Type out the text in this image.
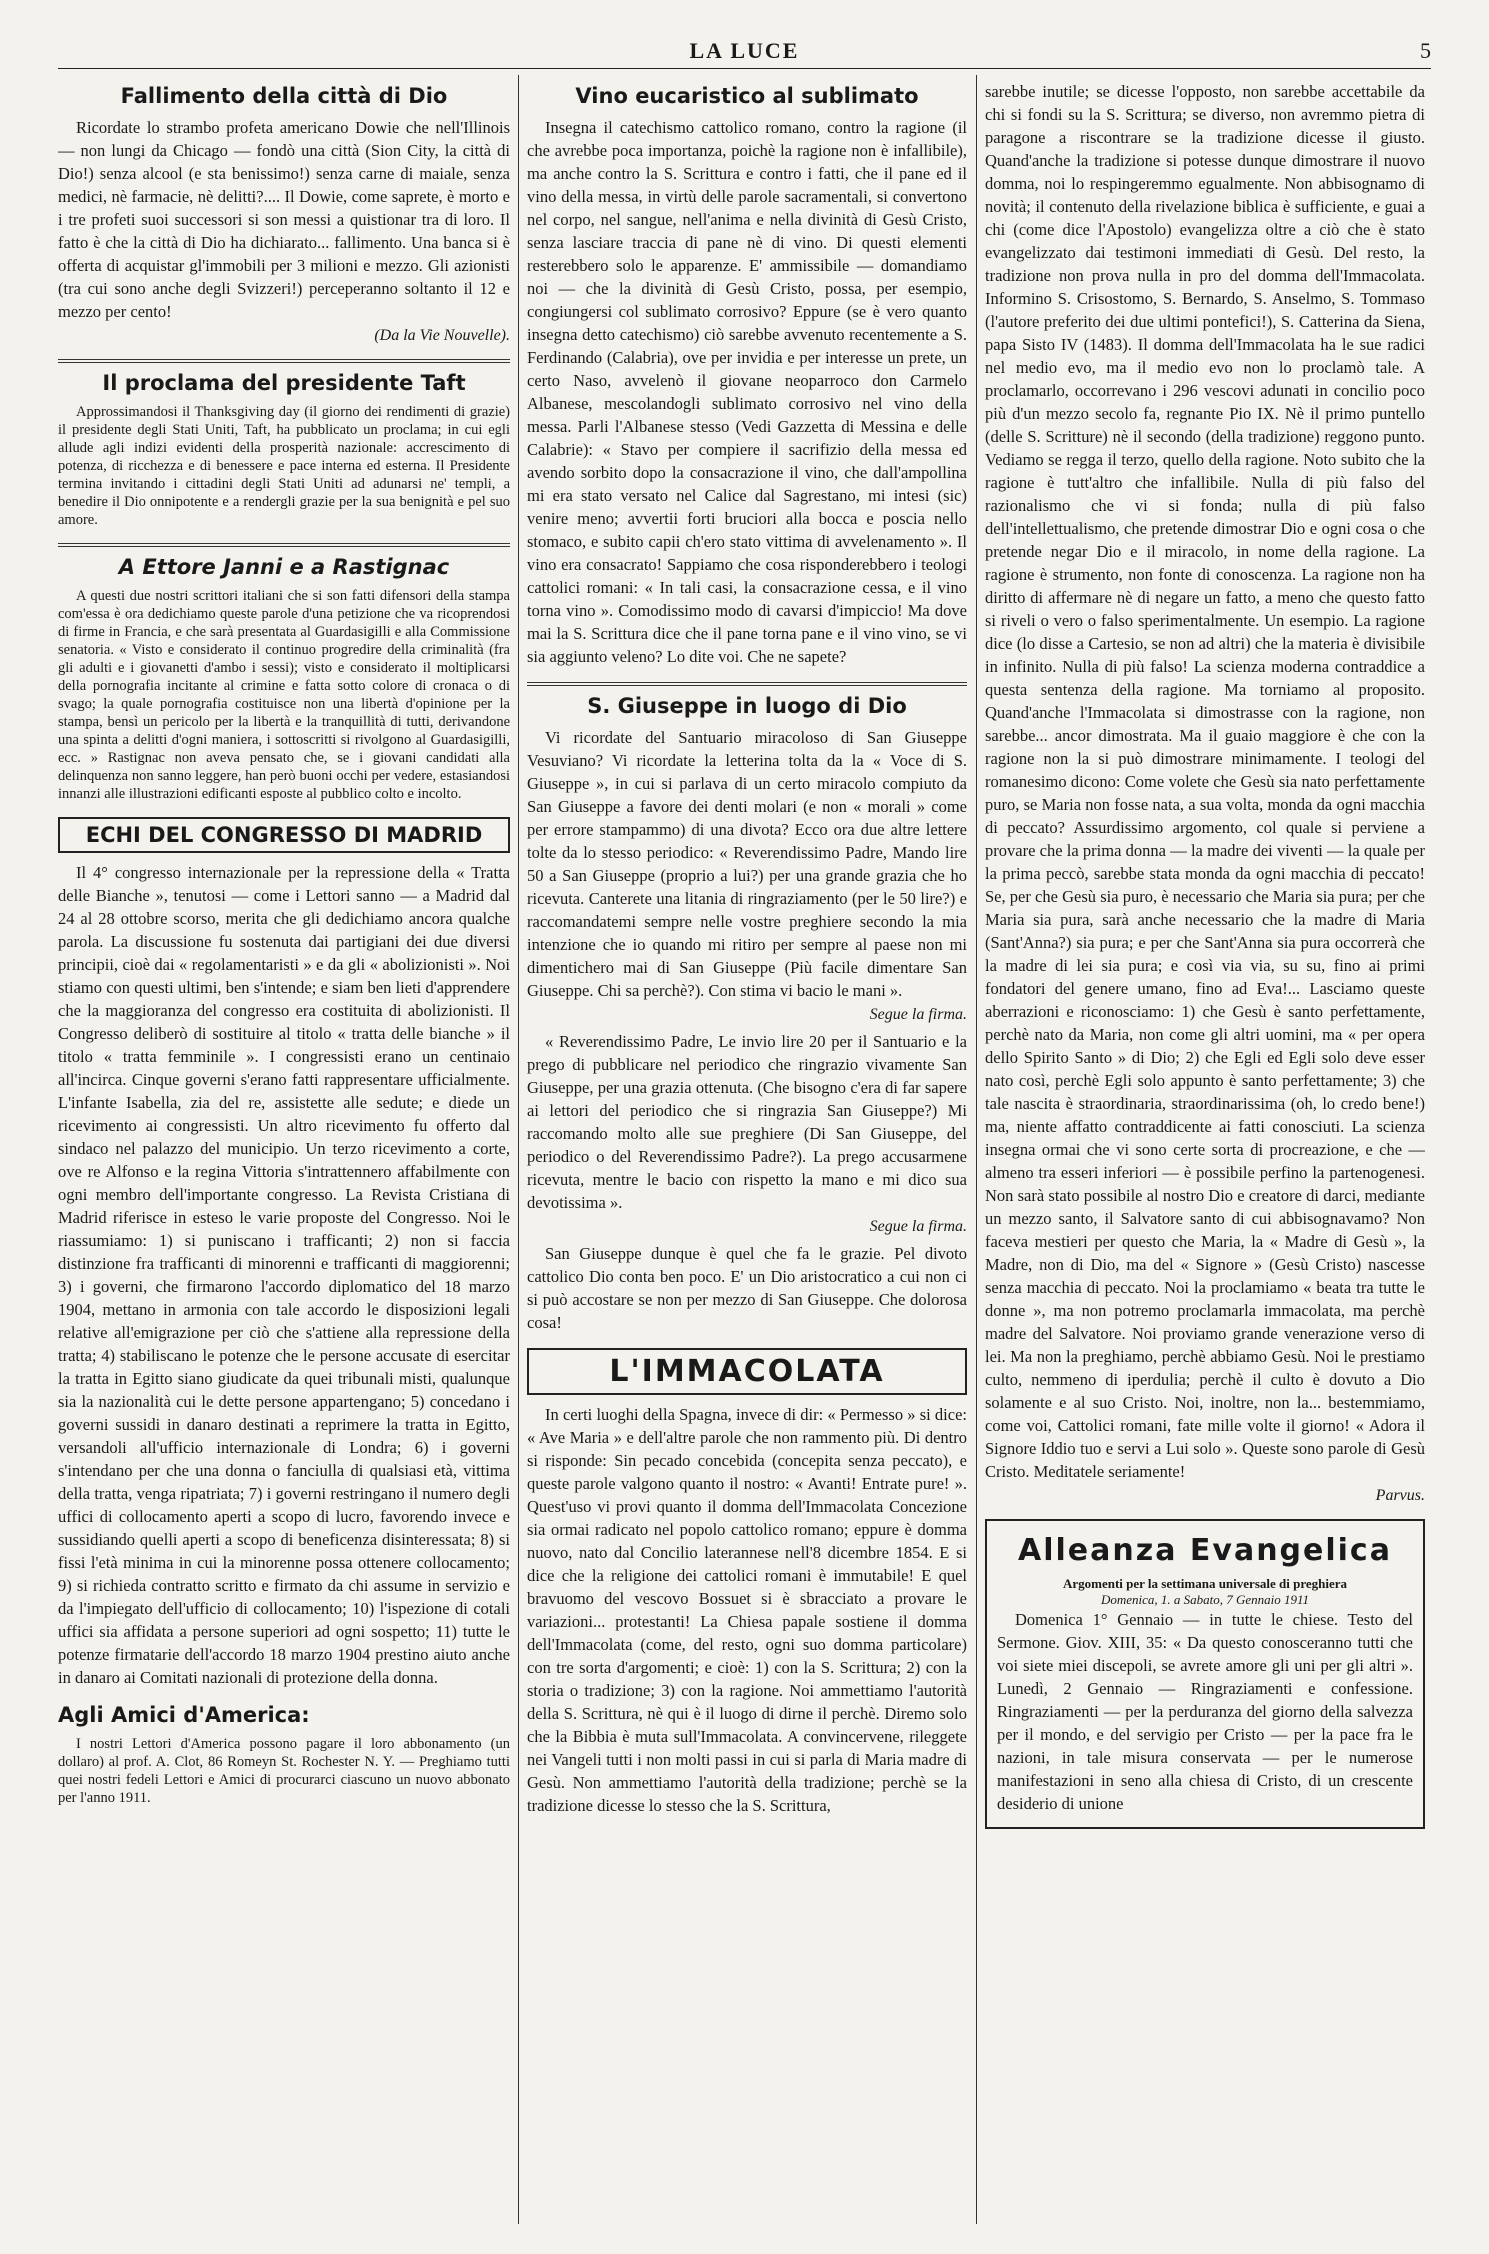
LA LUCE	5
Fallimento della città di Dio

Ricordate lo strambo profeta americano Dowie che nell'Illinois — non lungi da Chicago — fondò una città (Sion City, la città di Dio!) senza alcool (e sta benissimo!) senza carne di maiale, senza medici, nè farmacie, nè delitti?.... Il Dowie, come saprete, è morto e i tre profeti suoi successori si son messi a quistionar tra di loro. Il fatto è che la città di Dio ha dichiarato... fallimento. Una banca si è offerta di acquistar gl'immobili per 3 milioni e mezzo. Gli azionisti (tra cui sono anche degli Svizzeri!) perceperanno soltanto il 12 e mezzo per cento!

(Da la Vie Nouvelle).
Il proclama del presidente Taft

Approssimandosi il Thanksgiving day (il giorno dei rendimenti di grazie) il presidente degli Stati Uniti, Taft, ha pubblicato un proclama; in cui egli allude agli indizi evidenti della prosperità nazionale: accrescimento di potenza, di ricchezza e di benessere e pace interna ed esterna. Il Presidente termina invitando i cittadini degli Stati Uniti ad adunarsi ne' templi, a benedire il Dio onnipotente e a rendergli grazie per la sua benignità e pel suo amore.

A Ettore Janni e a Rastignac

A questi due nostri scrittori italiani che si son fatti difensori della stampa com'essa è ora dedichiamo queste parole d'una petizione che va ricoprendosi di firme in Francia, e che sarà presentata al Guardasigilli e alla Commissione senatoria. « Visto e considerato il continuo progredire della criminalità (fra gli adulti e i giovanetti d'ambo i sessi); visto e considerato il moltiplicarsi della pornografia incitante al crimine e fatta sotto colore di cronaca o di svago; la quale pornografia costituisce non una libertà d'opinione per la stampa, bensì un pericolo per la libertà e la tranquillità di tutti, derivandone una spinta a delitti d'ogni maniera, i sottoscritti si rivolgono al Guardasigilli, ecc. » Rastignac non aveva pensato che, se i giovani candidati alla delinquenza non sanno leggere, han però buoni occhi per vedere, estasiandosi innanzi alle illustrazioni edificanti esposte al pubblico colto e incolto.

ECHI DEL CONGRESSO DI MADRID

Il 4° congresso internazionale per la repressione della « Tratta delle Bianche », tenutosi — come i Lettori sanno — a Madrid dal 24 al 28 ottobre scorso, merita che gli dedichiamo ancora qualche parola. La discussione fu sostenuta dai partigiani dei due diversi principii, cioè dai « regolamentaristi » e da gli « abolizionisti ». Noi stiamo con questi ultimi, ben s'intende; e siam ben lieti d'apprendere che la maggioranza del congresso era costituita di abolizionisti. Il Congresso deliberò di sostituire al titolo « tratta delle bianche » il titolo « tratta femminile ». I congressisti erano un centinaio all'incirca. Cinque governi s'erano fatti rappresentare ufficialmente. L'infante Isabella, zia del re, assistette alle sedute; e diede un ricevimento ai congressisti. Un altro ricevimento fu offerto dal sindaco nel palazzo del municipio. Un terzo ricevimento a corte, ove re Alfonso e la regina Vittoria s'intrattennero affabilmente con ogni membro dell'importante congresso. La Revista Cristiana di Madrid riferisce in esteso le varie proposte del Congresso. Noi le riassumiamo: 1) si puniscano i trafficanti; 2) non si faccia distinzione fra trafficanti di minorenni e trafficanti di maggiorenni; 3) i governi, che firmarono l'accordo diplomatico del 18 marzo 1904, mettano in armonia con tale accordo le disposizioni legali relative all'emigrazione per ciò che s'attiene alla repressione della tratta; 4) stabiliscano le potenze che le persone accusate di esercitar la tratta in Egitto siano giudicate da quei tribunali misti, qualunque sia la nazionalità cui le dette persone appartengano; 5) concedano i governi sussidi in danaro destinati a reprimere la tratta in Egitto, versandoli all'ufficio internazionale di Londra; 6) i governi s'intendano per che una donna o fanciulla di qualsiasi età, vittima della tratta, venga ripatriata; 7) i governi restringano il numero degli uffici di collocamento aperti a scopo di lucro, favorendo invece e sussidiando quelli aperti a scopo di beneficenza disinteressata; 8) si fissi l'età minima in cui la minorenne possa ottenere collocamento; 9) si richieda contratto scritto e firmato da chi assume in servizio e da l'impiegato dell'ufficio di collocamento; 10) l'ispezione di cotali uffici sia affidata a persone superiori ad ogni sospetto; 11) tutte le potenze firmatarie dell'accordo 18 marzo 1904 prestino aiuto anche in danaro ai Comitati nazionali di protezione della donna.

Agli Amici d'America:

I nostri Lettori d'America possono pagare il loro abbonamento (un dollaro) al prof. A. Clot, 86 Romeyn St. Rochester N. Y. — Preghiamo tutti quei nostri fedeli Lettori e Amici di procurarci ciascuno un nuovo abbonato per l'anno 1911.

Vino eucaristico al sublimato

Insegna il catechismo cattolico romano, contro la ragione (il che avrebbe poca importanza, poichè la ragione non è infallibile), ma anche contro la S. Scrittura e contro i fatti, che il pane ed il vino della messa, in virtù delle parole sacramentali, si convertono nel corpo, nel sangue, nell'anima e nella divinità di Gesù Cristo, senza lasciare traccia di pane nè di vino. Di questi elementi resterebbero solo le apparenze. E' ammissibile — domandiamo noi — che la divinità di Gesù Cristo, possa, per esempio, congiungersi col sublimato corrosivo? Eppure (se è vero quanto insegna detto catechismo) ciò sarebbe avvenuto recentemente a S. Ferdinando (Calabria), ove per invidia e per interesse un prete, un certo Naso, avvelenò il giovane neoparroco don Carmelo Albanese, mescolandogli sublimato corrosivo nel vino della messa. Parli l'Albanese stesso (Vedi Gazzetta di Messina e delle Calabrie): « Stavo per compiere il sacrifizio della messa ed avendo sorbito dopo la consacrazione il vino, che dall'ampollina mi era stato versato nel Calice dal Sagrestano, mi intesi (sic) venire meno; avvertii forti bruciori alla bocca e poscia nello stomaco, e subito capii ch'ero stato vittima di avvelenamento ». Il vino era consacrato! Sappiamo che cosa risponderebbero i teologi cattolici romani: « In tali casi, la consacrazione cessa, e il vino torna vino ». Comodissimo modo di cavarsi d'impiccio! Ma dove mai la S. Scrittura dice che il pane torna pane e il vino vino, se vi sia aggiunto veleno? Lo dite voi. Che ne sapete?

S. Giuseppe in luogo di Dio

Vi ricordate del Santuario miracoloso di San Giuseppe Vesuviano? Vi ricordate la letterina tolta da la « Voce di S. Giuseppe », in cui si parlava di un certo miracolo compiuto da San Giuseppe a favore dei denti molari (e non « morali » come per errore stampammo) di una divota? Ecco ora due altre lettere tolte da lo stesso periodico: « Reverendissimo Padre, Mando lire 50 a San Giuseppe (proprio a lui?) per una grande grazia che ho ricevuta. Canterete una litania di ringraziamento (per le 50 lire?) e raccomandatemi sempre nelle vostre preghiere secondo la mia intenzione che io quando mi ritiro per sempre al paese non mi dimentichero mai di San Giuseppe (Più facile dimentare San Giuseppe. Chi sa perchè?). Con stima vi bacio le mani ».

Segue la firma.

« Reverendissimo Padre, Le invio lire 20 per il Santuario e la prego di pubblicare nel periodico che ringrazio vivamente San Giuseppe, per una grazia ottenuta. (Che bisogno c'era di far sapere ai lettori del periodico che si ringrazia San Giuseppe?) Mi raccomando molto alle sue preghiere (Di San Giuseppe, del periodico o del Reverendissimo Padre?). La prego accusarmene ricevuta, mentre le bacio con rispetto la mano e mi dico sua devotissima ».

Segue la firma.

San Giuseppe dunque è quel che fa le grazie. Pel divoto cattolico Dio conta ben poco. E' un Dio aristocratico a cui non ci si può accostare se non per mezzo di San Giuseppe. Che dolorosa cosa!

L'IMMACOLATA

In certi luoghi della Spagna, invece di dir: « Permesso » si dice: « Ave Maria » e dell'altre parole che non rammento più. Di dentro si risponde: Sin pecado concebida (concepita senza peccato), e queste parole valgono quanto il nostro: « Avanti! Entrate pure! ». Quest'uso vi provi quanto il domma dell'Immacolata Concezione sia ormai radicato nel popolo cattolico romano; eppure è domma nuovo, nato dal Concilio laterannese nell'8 dicembre 1854. E si dice che la religione dei cattolici romani è immutabile! E quel bravuomo del vescovo Bossuet si è sbracciato a provare le variazioni... protestanti! La Chiesa papale sostiene il domma dell'Immacolata (come, del resto, ogni suo domma particolare) con tre sorta d'argomenti; e cioè: 1) con la S. Scrittura; 2) con la storia o tradizione; 3) con la ragione. Noi ammettiamo l'autorità della S. Scrittura, nè qui è il luogo di dirne il perchè. Diremo solo che la Bibbia è muta sull'Immacolata. A convincervene, rileggete nei Vangeli tutti i non molti passi in cui si parla di Maria madre di Gesù. Non ammettiamo l'autorità della tradizione; perchè se la tradizione dicesse lo stesso che la S. Scrittura,

sarebbe inutile; se dicesse l'opposto, non sarebbe accettabile da chi si fondi su la S. Scrittura; se diverso, non avremmo pietra di paragone a riscontrare se la tradizione dicesse il giusto. Quand'anche la tradizione si potesse dunque dimostrare il nuovo domma, noi lo respingeremmo egualmente. Non abbisognamo di novità; il contenuto della rivelazione biblica è sufficiente, e guai a chi (come dice l'Apostolo) evangelizza oltre a ciò che è stato evangelizzato dai testimoni immediati di Gesù. Del resto, la tradizione non prova nulla in pro del domma dell'Immacolata. Informino S. Crisostomo, S. Bernardo, S. Anselmo, S. Tommaso (l'autore preferito dei due ultimi pontefici!), S. Catterina da Siena, papa Sisto IV (1483). Il domma dell'Immacolata ha le sue radici nel medio evo, ma il medio evo non lo proclamò tale. A proclamarlo, occorrevano i 296 vescovi adunati in concilio poco più d'un mezzo secolo fa, regnante Pio IX. Nè il primo puntello (delle S. Scritture) nè il secondo (della tradizione) reggono punto. Vediamo se regga il terzo, quello della ragione. Noto subito che la ragione è tutt'altro che infallibile. Nulla di più falso del razionalismo che vi si fonda; nulla di più falso dell'intellettualismo, che pretende dimostrar Dio e ogni cosa o che pretende negar Dio e il miracolo, in nome della ragione. La ragione è strumento, non fonte di conoscenza. La ragione non ha diritto di affermare nè di negare un fatto, a meno che questo fatto si riveli o vero o falso sperimentalmente. Un esempio. La ragione dice (lo disse a Cartesio, se non ad altri) che la materia è divisibile in infinito. Nulla di più falso! La scienza moderna contraddice a questa sentenza della ragione. Ma torniamo al proposito. Quand'anche l'Immacolata si dimostrasse con la ragione, non sarebbe... ancor dimostrata. Ma il guaio maggiore è che con la ragione non la si può dimostrare minimamente. I teologi del romanesimo dicono: Come volete che Gesù sia nato perfettamente puro, se Maria non fosse nata, a sua volta, monda da ogni macchia di peccato? Assurdissimo argomento, col quale si perviene a provare che la prima donna — la madre dei viventi — la quale per la prima peccò, sarebbe stata monda da ogni macchia di peccato! Se, per che Gesù sia puro, è necessario che Maria sia pura; per che Maria sia pura, sarà anche necessario che la madre di Maria (Sant'Anna?) sia pura; e per che Sant'Anna sia pura occorrerà che la madre di lei sia pura; e così via via, su su, fino ai primi fondatori del genere umano, fino ad Eva!... Lasciamo queste aberrazioni e riconosciamo: 1) che Gesù è santo perfettamente, perchè nato da Maria, non come gli altri uomini, ma « per opera dello Spirito Santo » di Dio; 2) che Egli ed Egli solo deve esser nato così, perchè Egli solo appunto è santo perfettamente; 3) che tale nascita è straordinaria, straordinarissima (oh, lo credo bene!) ma, niente affatto contraddicente ai fatti conosciuti. La scienza insegna ormai che vi sono certe sorta di procreazione, e che — almeno tra esseri inferiori — è possibile perfino la partenogenesi. Non sarà stato possibile al nostro Dio e creatore di darci, mediante un mezzo santo, il Salvatore santo di cui abbisognavamo? Non faceva mestieri per questo che Maria, la « Madre di Gesù », la Madre, non di Dio, ma del « Signore » (Gesù Cristo) nascesse senza macchia di peccato. Noi la proclamiamo « beata tra tutte le donne », ma non potremo proclamarla immacolata, ma perchè madre del Salvatore. Noi proviamo grande venerazione verso di lei. Ma non la preghiamo, perchè abbiamo Gesù. Noi le prestiamo culto, nemmeno di iperdulia; perchè il culto è dovuto a Dio solamente e al suo Cristo. Noi, inoltre, non la... bestemmiamo, come voi, Cattolici romani, fate mille volte il giorno! « Adora il Signore Iddio tuo e servi a Lui solo ». Queste sono parole di Gesù Cristo. Meditatele seriamente!

Parvus.
Alleanza Evangelica
Argomenti per la settimana universale di preghiera
Domenica, 1. a Sabato, 7 Gennaio 1911

Domenica 1° Gennaio — in tutte le chiese. Testo del Sermone. Giov. XIII, 35: « Da questo conosceranno tutti che voi siete miei discepoli, se avrete amore gli uni per gli altri ». Lunedì, 2 Gennaio — Ringraziamenti e confessione. Ringraziamenti — per la perduranza del giorno della salvezza per il mondo, e del servigio per Cristo — per la pace fra le nazioni, in tale misura conservata — per le numerose manifestazioni in seno alla chiesa di Cristo, di un crescente desiderio di unione
